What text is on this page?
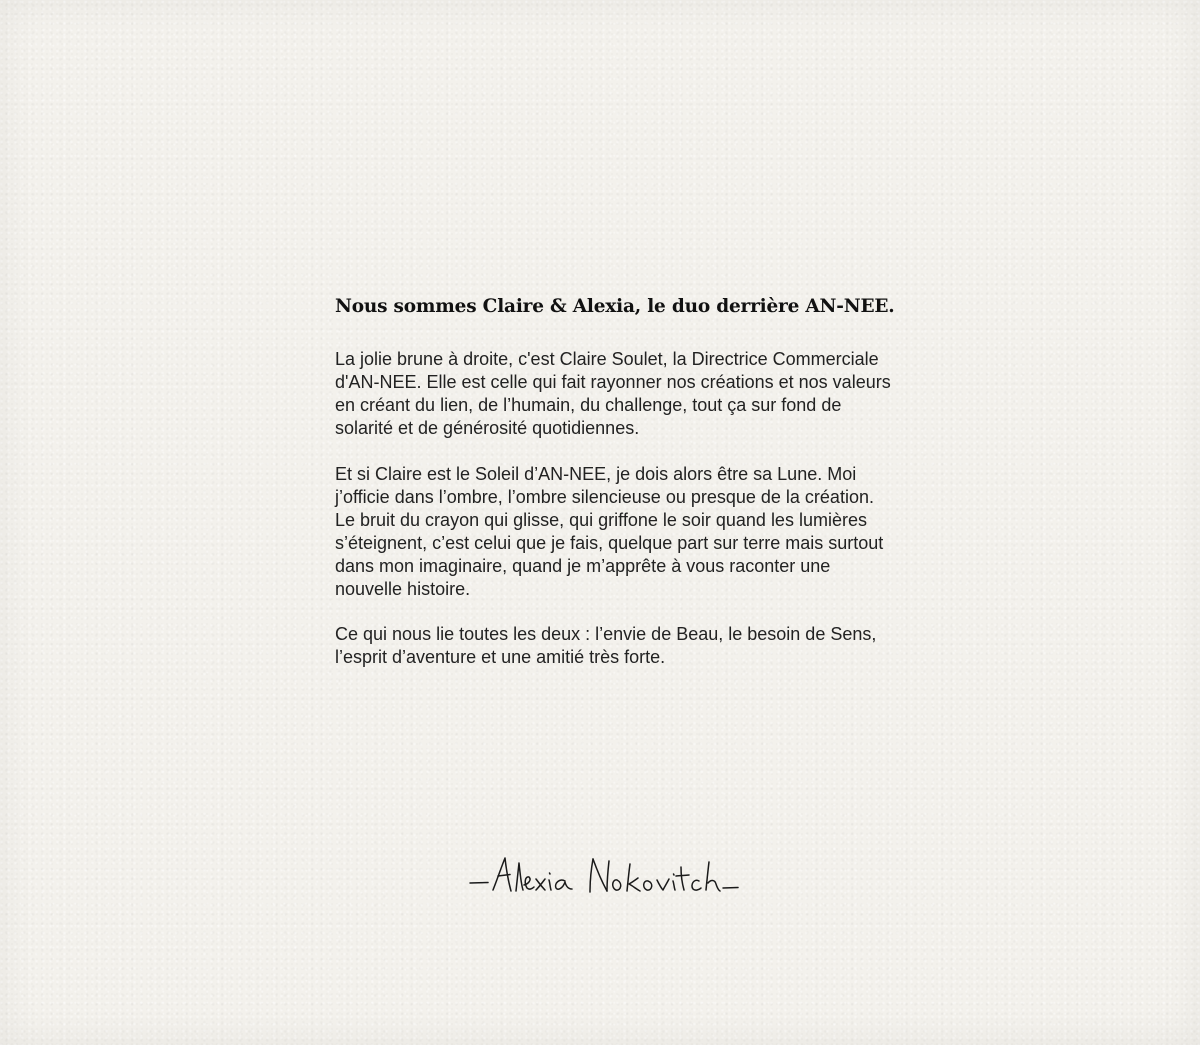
Nous sommes Claire & Alexia, le duo derrière AN-NEE.

La jolie brune à droite, c'est Claire Soulet, la Directrice Commerciale d'AN-NEE. Elle est celle qui fait rayonner nos créations et nos valeurs en créant du lien, de l’humain, du challenge, tout ça sur fond de solarité et de générosité quotidiennes.

Et si Claire est le Soleil d’AN-NEE, je dois alors être sa Lune. Moi j’officie dans l’ombre, l’ombre silencieuse ou presque de la création. Le bruit du crayon qui glisse, qui griffone le soir quand les lumières s’éteignent, c’est celui que je fais, quelque part sur terre mais surtout dans mon imaginaire, quand je m’apprête à vous raconter une nouvelle histoire.

Ce qui nous lie toutes les deux : l’envie de Beau, le besoin de Sens, l’esprit d’aventure et une amitié très forte.
